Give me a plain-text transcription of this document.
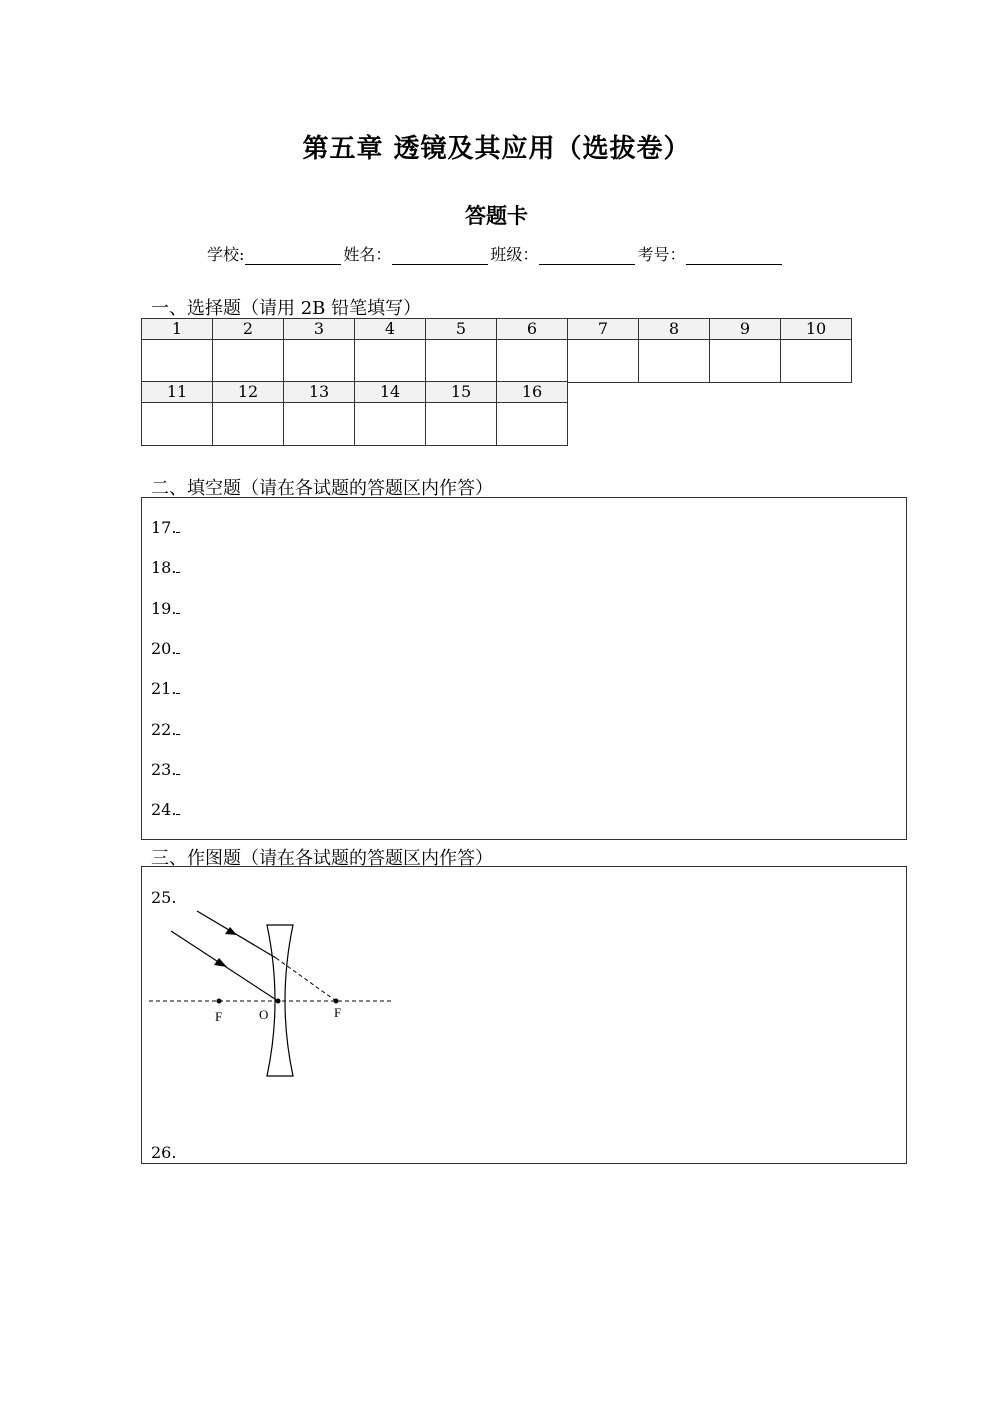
第五章 透镜及其应用（选拔卷）
答题卡
学校:	姓名：	班级：	考号：
一、选择题（请用 2B 铅笔填写）
1	2	3	4	5	6	7	8	9	10

11	12	13	14	15	16

二、填空题（请在各试题的答题区内作答）
17.
18.
19.
20.
21.
22.
23.
24.
三、作图题（请在各试题的答题区内作答）
25.
26.
F	O	F
